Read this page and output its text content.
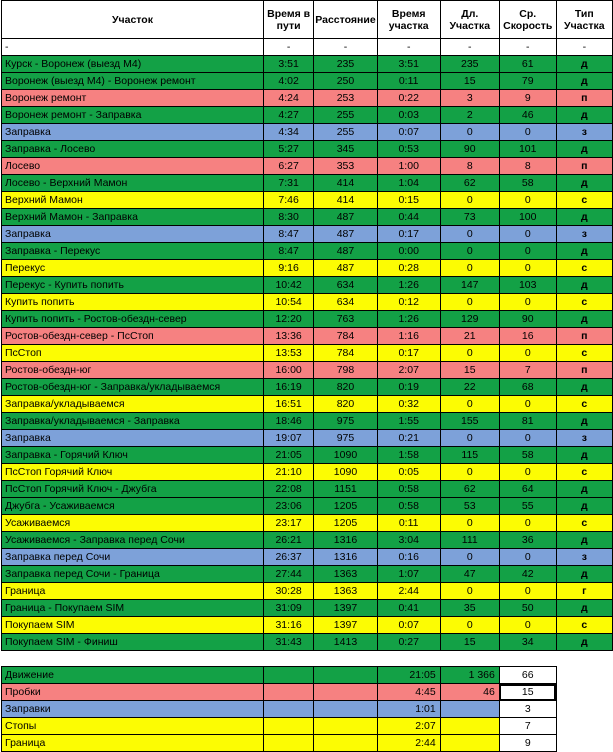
Участок	Время в пути	Расстояние	Время участка	Дл. Участка	Ср. Скорость	Тип Участка
-	-	-	-	-	-	-
Курск - Воронеж (выезд М4)	3:51	235	3:51	235	61	д
Воронеж (выезд М4) - Воронеж ремонт	4:02	250	0:11	15	79	д
Воронеж ремонт	4:24	253	0:22	3	9	п
Воронеж ремонт - Заправка	4:27	255	0:03	2	46	д
Заправка	4:34	255	0:07	0	0	з
Заправка - Лосево	5:27	345	0:53	90	101	д
Лосево	6:27	353	1:00	8	8	п
Лосево - Верхний Мамон	7:31	414	1:04	62	58	д
Верхний Мамон	7:46	414	0:15	0	0	с
Верхний Мамон - Заправка	8:30	487	0:44	73	100	д
Заправка	8:47	487	0:17	0	0	з
Заправка - Перекус	8:47	487	0:00	0	0	д
Перекус	9:16	487	0:28	0	0	с
Перекус - Купить попить	10:42	634	1:26	147	103	д
Купить попить	10:54	634	0:12	0	0	с
Купить попить - Ростов-обездн-север	12:20	763	1:26	129	90	д
Ростов-обездн-север - ПсСтоп	13:36	784	1:16	21	16	п
ПсСтоп	13:53	784	0:17	0	0	с
Ростов-обездн-юг	16:00	798	2:07	15	7	п
Ростов-обездн-юг - Заправка/укладываемся	16:19	820	0:19	22	68	д
Заправка/укладываемся	16:51	820	0:32	0	0	с
Заправка/укладываемся - Заправка	18:46	975	1:55	155	81	д
Заправка	19:07	975	0:21	0	0	з
Заправка - Горячий Ключ	21:05	1090	1:58	115	58	д
ПсСтоп Горячий Ключ	21:10	1090	0:05	0	0	с
ПсСтоп Горячий Ключ - Джубга	22:08	1151	0:58	62	64	д
Джубга - Усаживаемся	23:06	1205	0:58	53	55	д
Усаживаемся	23:17	1205	0:11	0	0	с
Усаживаемся - Заправка перед Сочи	26:21	1316	3:04	111	36	д
Заправка перед Сочи	26:37	1316	0:16	0	0	з
Заправка перед Сочи - Граница	27:44	1363	1:07	47	42	д
Граница	30:28	1363	2:44	0	0	г
Граница - Покупаем SIM	31:09	1397	0:41	35	50	д
Покупаем SIM	31:16	1397	0:07	0	0	с
Покупаем SIM - Финиш	31:43	1413	0:27	15	34	д

Движение			21:05	1 366	66	
Пробки			4:45	46	15	
Заправки			1:01		3	
Стопы			2:07		7	
Граница			2:44		9	
